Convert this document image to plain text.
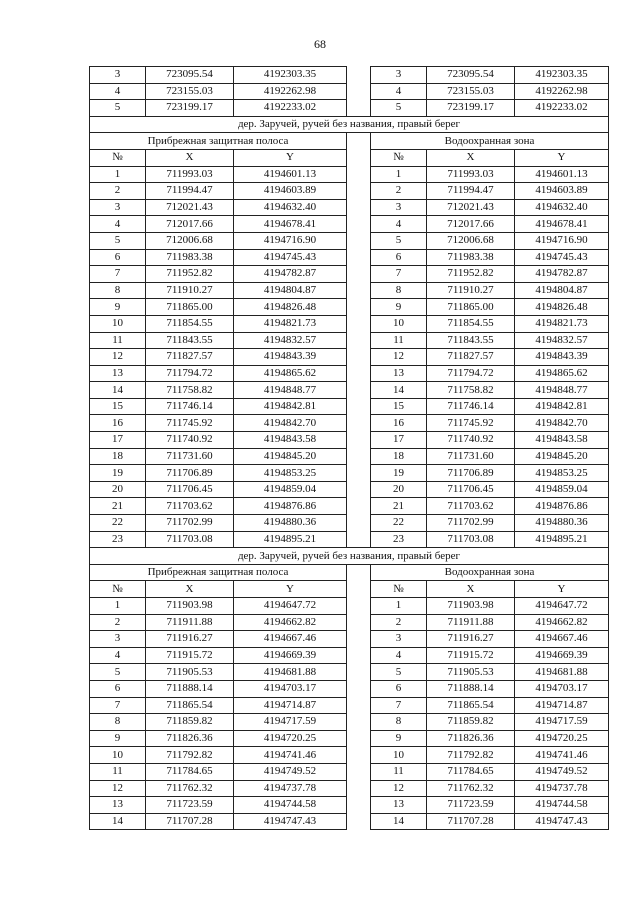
68
3	723095.54	4192303.35		3	723095.54	4192303.35
4	723155.03	4192262.98		4	723155.03	4192262.98
5	723199.17	4192233.02		5	723199.17	4192233.02
дер. Заручей, ручей без названия, правый берег						
Прибрежная защитная полоса				Водоохранная зона		
№	X	Y		№	X	Y
1	711993.03	4194601.13		1	711993.03	4194601.13
2	711994.47	4194603.89		2	711994.47	4194603.89
3	712021.43	4194632.40		3	712021.43	4194632.40
4	712017.66	4194678.41		4	712017.66	4194678.41
5	712006.68	4194716.90		5	712006.68	4194716.90
6	711983.38	4194745.43		6	711983.38	4194745.43
7	711952.82	4194782.87		7	711952.82	4194782.87
8	711910.27	4194804.87		8	711910.27	4194804.87
9	711865.00	4194826.48		9	711865.00	4194826.48
10	711854.55	4194821.73		10	711854.55	4194821.73
11	711843.55	4194832.57		11	711843.55	4194832.57
12	711827.57	4194843.39		12	711827.57	4194843.39
13	711794.72	4194865.62		13	711794.72	4194865.62
14	711758.82	4194848.77		14	711758.82	4194848.77
15	711746.14	4194842.81		15	711746.14	4194842.81
16	711745.92	4194842.70		16	711745.92	4194842.70
17	711740.92	4194843.58		17	711740.92	4194843.58
18	711731.60	4194845.20		18	711731.60	4194845.20
19	711706.89	4194853.25		19	711706.89	4194853.25
20	711706.45	4194859.04		20	711706.45	4194859.04
21	711703.62	4194876.86		21	711703.62	4194876.86
22	711702.99	4194880.36		22	711702.99	4194880.36
23	711703.08	4194895.21		23	711703.08	4194895.21
дер. Заручей, ручей без названия, правый берег						
Прибрежная защитная полоса				Водоохранная зона		
№	X	Y		№	X	Y
1	711903.98	4194647.72		1	711903.98	4194647.72
2	711911.88	4194662.82		2	711911.88	4194662.82
3	711916.27	4194667.46		3	711916.27	4194667.46
4	711915.72	4194669.39		4	711915.72	4194669.39
5	711905.53	4194681.88		5	711905.53	4194681.88
6	711888.14	4194703.17		6	711888.14	4194703.17
7	711865.54	4194714.87		7	711865.54	4194714.87
8	711859.82	4194717.59		8	711859.82	4194717.59
9	711826.36	4194720.25		9	711826.36	4194720.25
10	711792.82	4194741.46		10	711792.82	4194741.46
11	711784.65	4194749.52		11	711784.65	4194749.52
12	711762.32	4194737.78		12	711762.32	4194737.78
13	711723.59	4194744.58		13	711723.59	4194744.58
14	711707.28	4194747.43		14	711707.28	4194747.43
